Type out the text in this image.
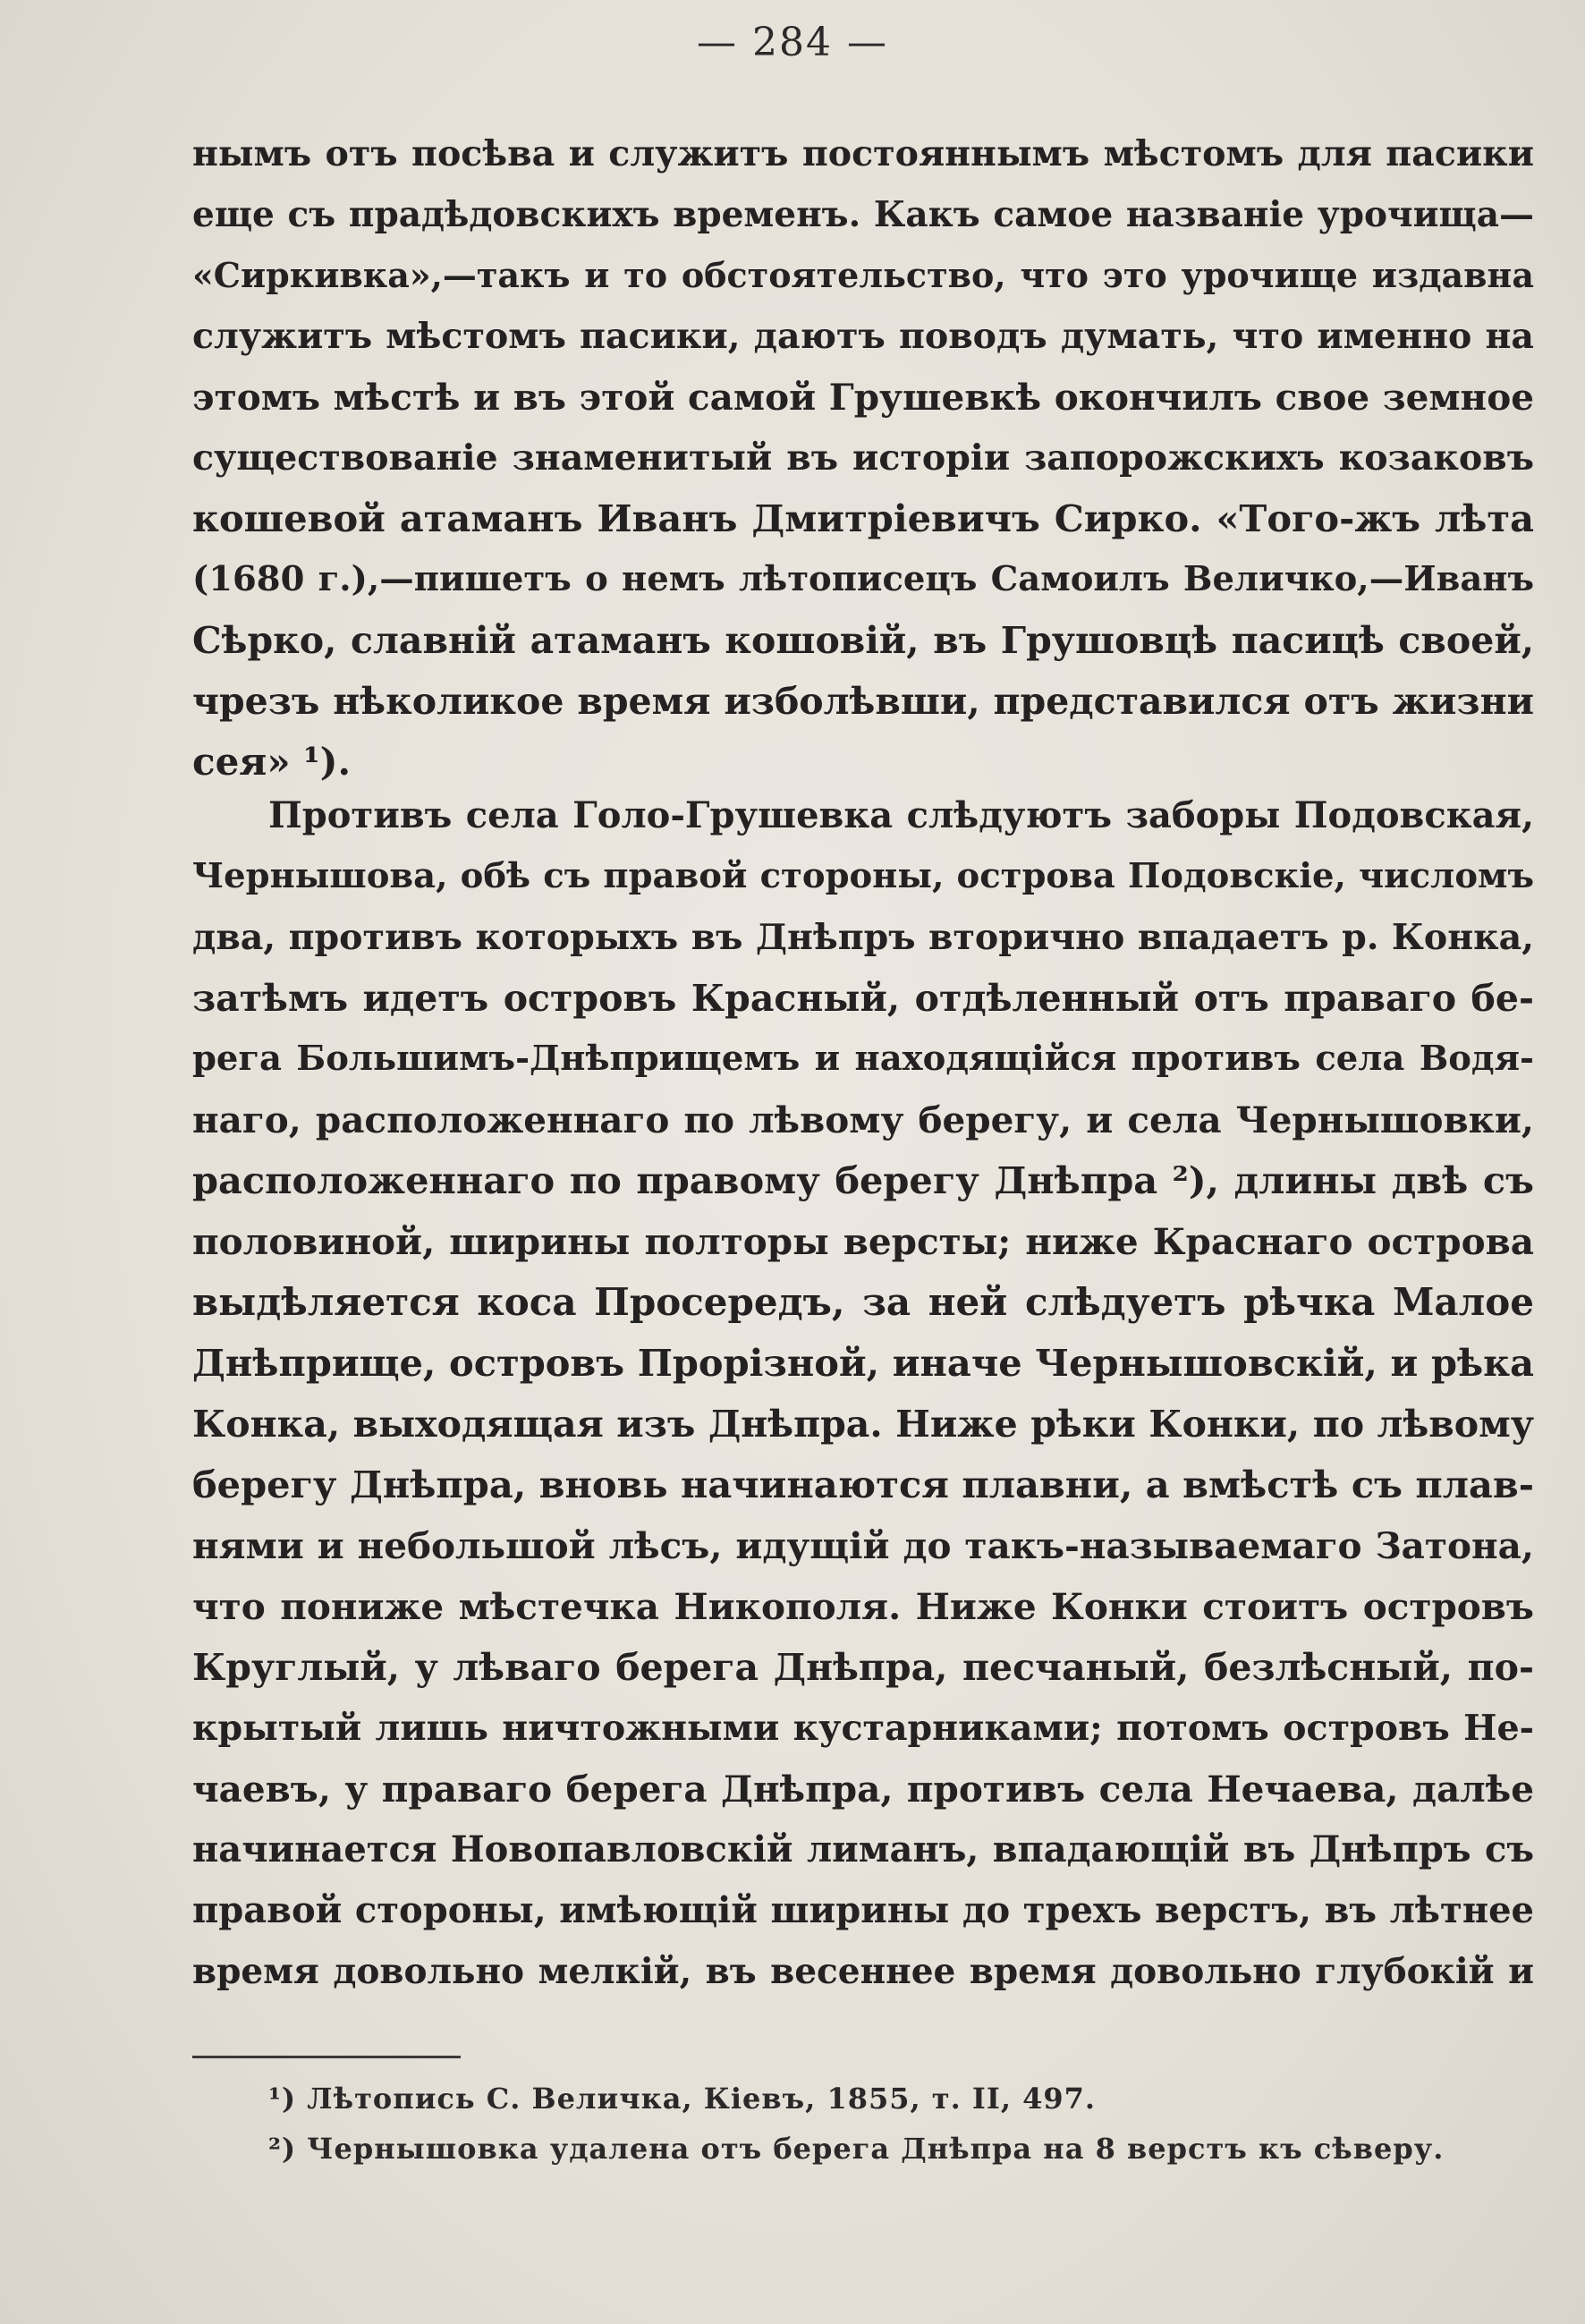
— 284 —
нымъ отъ посѣва и служитъ постояннымъ мѣстомъ для пасики
еще съ прадѣдовскихъ временъ. Какъ самое названіе урочища—
«Сиркивка»,—такъ и то обстоятельство, что это урочище издавна
служитъ мѣстомъ пасики, даютъ поводъ думать, что именно на
этомъ мѣстѣ и въ этой самой Грушевкѣ окончилъ свое земное
существованіе знаменитый въ исторіи запорожскихъ козаковъ
кошевой атаманъ Иванъ Дмитріевичъ Сирко. «Того-жъ лѣта
(1680 г.),—пишетъ о немъ лѣтописецъ Самоилъ Величко,—Иванъ
Сѣрко, славній атаманъ кошовій, въ Грушовцѣ пасицѣ своей,
чрезъ нѣколикое время изболѣвши, представился отъ жизни
сея» ¹).
Противъ села Голо-Грушевка слѣдуютъ заборы Подовская,
Чернышова, обѣ съ правой стороны, острова Подовскіе, числомъ
два, противъ которыхъ въ Днѣпръ вторично впадаетъ р. Конка,
затѣмъ идетъ островъ Красный, отдѣленный отъ праваго бе-
рега Большимъ-Днѣприщемъ и находящійся противъ села Водя-
наго, расположеннаго по лѣвому берегу, и села Чернышовки,
расположеннаго по правому берегу Днѣпра ²), длины двѣ съ
половиной, ширины полторы версты; ниже Краснаго острова
выдѣляется коса Просередъ, за ней слѣдуетъ рѣчка Малое
Днѣприще, островъ Прорізной, иначе Чернышовскій, и рѣка
Конка, выходящая изъ Днѣпра. Ниже рѣки Конки, по лѣвому
берегу Днѣпра, вновь начинаются плавни, а вмѣстѣ съ плав-
нями и небольшой лѣсъ, идущій до такъ-называемаго Затона,
что пониже мѣстечка Никополя. Ниже Конки стоитъ островъ
Круглый, у лѣваго берега Днѣпра, песчаный, безлѣсный, по-
крытый лишь ничтожными кустарниками; потомъ островъ Не-
чаевъ, у праваго берега Днѣпра, противъ села Нечаева, далѣе
начинается Новопавловскій лиманъ, впадающій въ Днѣпръ съ
правой стороны, имѣющій ширины до трехъ верстъ, въ лѣтнее
время довольно мелкій, въ весеннее время довольно глубокій и
¹) Лѣтопись С. Величка, Кіевъ, 1855, т. II, 497.
²) Чернышовка удалена отъ берега Днѣпра на 8 верстъ къ сѣверу.
